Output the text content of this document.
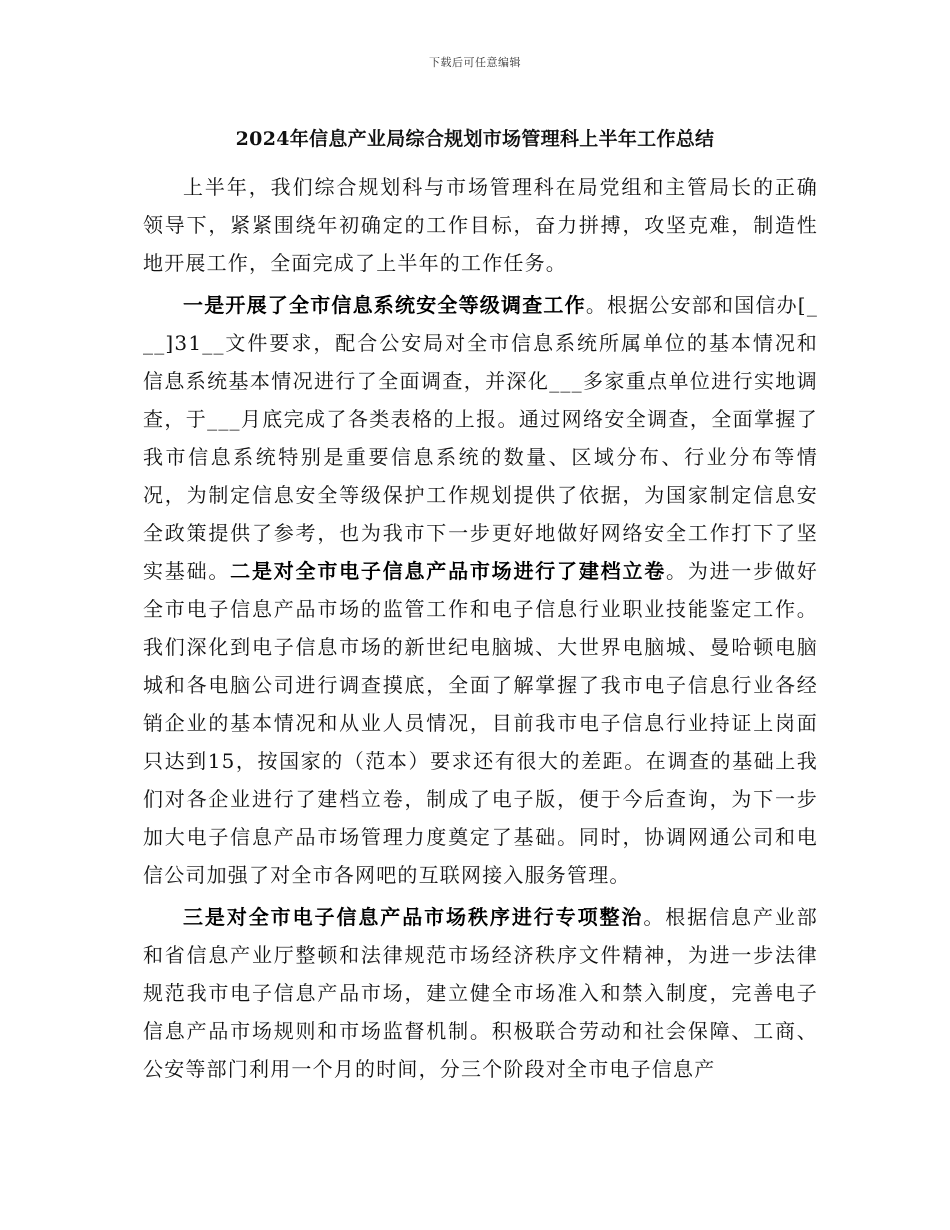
下载后可任意编辑
2024年信息产业局综合规划市场管理科上半年工作总结

上半年，我们综合规划科与市场管理科在局党组和主管局长的正确领导下，紧紧围绕年初确定的工作目标，奋力拼搏，攻坚克难，制造性地开展工作，全面完成了上半年的工作任务。

一是开展了全市信息系统安全等级调查工作。根据公安部和国信办[___]31__文件要求，配合公安局对全市信息系统所属单位的基本情况和信息系统基本情况进行了全面调查，并深化___多家重点单位进行实地调查，于___月底完成了各类表格的上报。通过网络安全调查，全面掌握了我市信息系统特别是重要信息系统的数量、区域分布、行业分布等情况，为制定信息安全等级保护工作规划提供了依据，为国家制定信息安全政策提供了参考，也为我市下一步更好地做好网络安全工作打下了坚实基础。二是对全市电子信息产品市场进行了建档立卷。为进一步做好全市电子信息产品市场的监管工作和电子信息行业职业技能鉴定工作。我们深化到电子信息市场的新世纪电脑城、大世界电脑城、曼哈顿电脑城和各电脑公司进行调查摸底，全面了解掌握了我市电子信息行业各经销企业的基本情况和从业人员情况，目前我市电子信息行业持证上岗面只达到15，按国家的（范本）要求还有很大的差距。在调查的基础上我们对各企业进行了建档立卷，制成了电子版，便于今后查询，为下一步加大电子信息产品市场管理力度奠定了基础。同时，协调网通公司和电信公司加强了对全市各网吧的互联网接入服务管理。

三是对全市电子信息产品市场秩序进行专项整治。根据信息产业部和省信息产业厅整顿和法律规范市场经济秩序文件精神，为进一步法律规范我市电子信息产品市场，建立健全市场准入和禁入制度，完善电子信息产品市场规则和市场监督机制。积极联合劳动和社会保障、工商、公安等部门利用一个月的时间，分三个阶段对全市电子信息产
